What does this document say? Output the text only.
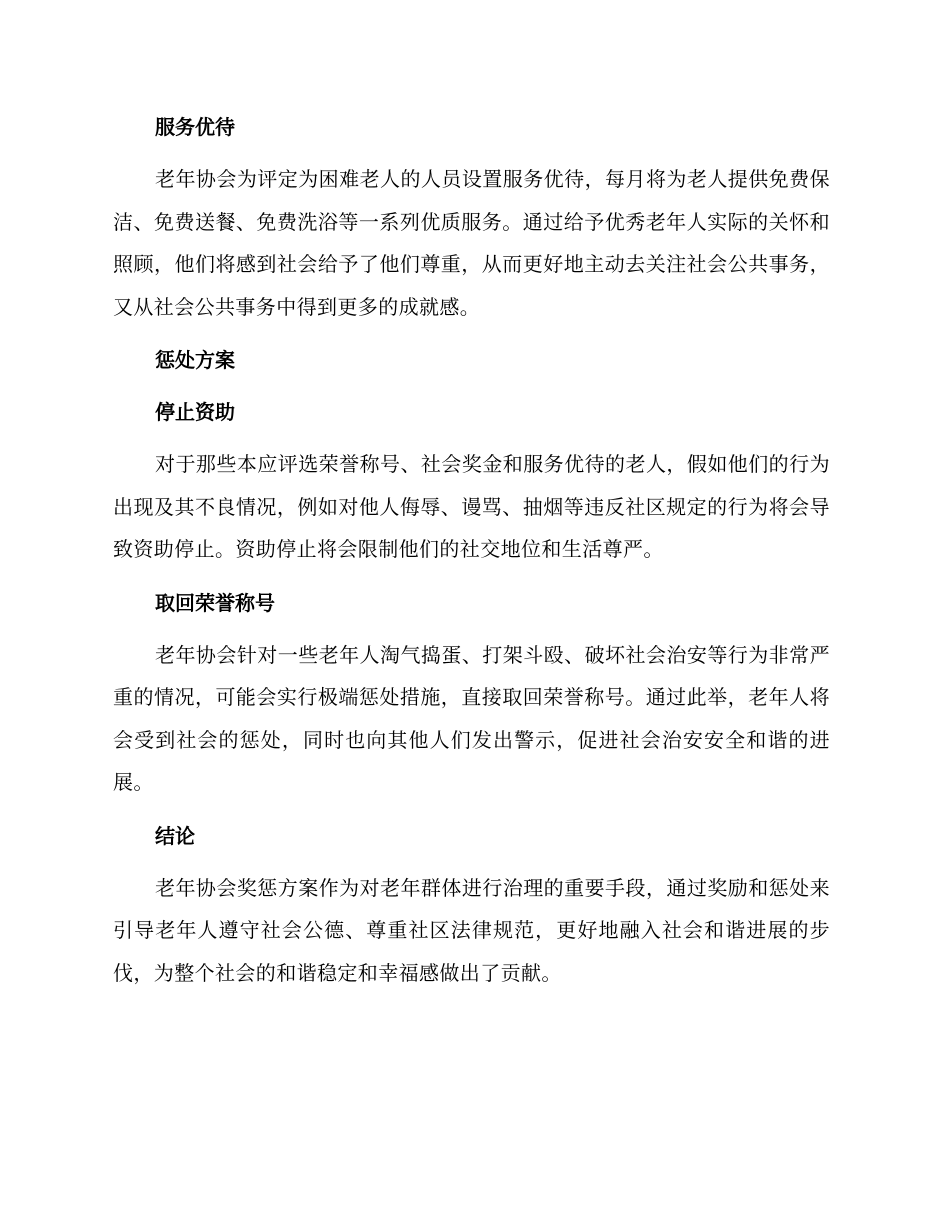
服务优待

老年协会为评定为困难老人的人员设置服务优待，每月将为老人提供免费保洁、免费送餐、免费洗浴等一系列优质服务。通过给予优秀老年人实际的关怀和照顾，他们将感到社会给予了他们尊重，从而更好地主动去关注社会公共事务，又从社会公共事务中得到更多的成就感。

惩处方案
停止资助

对于那些本应评选荣誉称号、社会奖金和服务优待的老人，假如他们的行为出现及其不良情况，例如对他人侮辱、谩骂、抽烟等违反社区规定的行为将会导致资助停止。资助停止将会限制他们的社交地位和生活尊严。

取回荣誉称号

老年协会针对一些老年人淘气捣蛋、打架斗殴、破坏社会治安等行为非常严重的情况，可能会实行极端惩处措施，直接取回荣誉称号。通过此举，老年人将会受到社会的惩处，同时也向其他人们发出警示，促进社会治安安全和谐的进展。

结论

老年协会奖惩方案作为对老年群体进行治理的重要手段，通过奖励和惩处来引导老年人遵守社会公德、尊重社区法律规范，更好地融入社会和谐进展的步伐，为整个社会的和谐稳定和幸福感做出了贡献。
